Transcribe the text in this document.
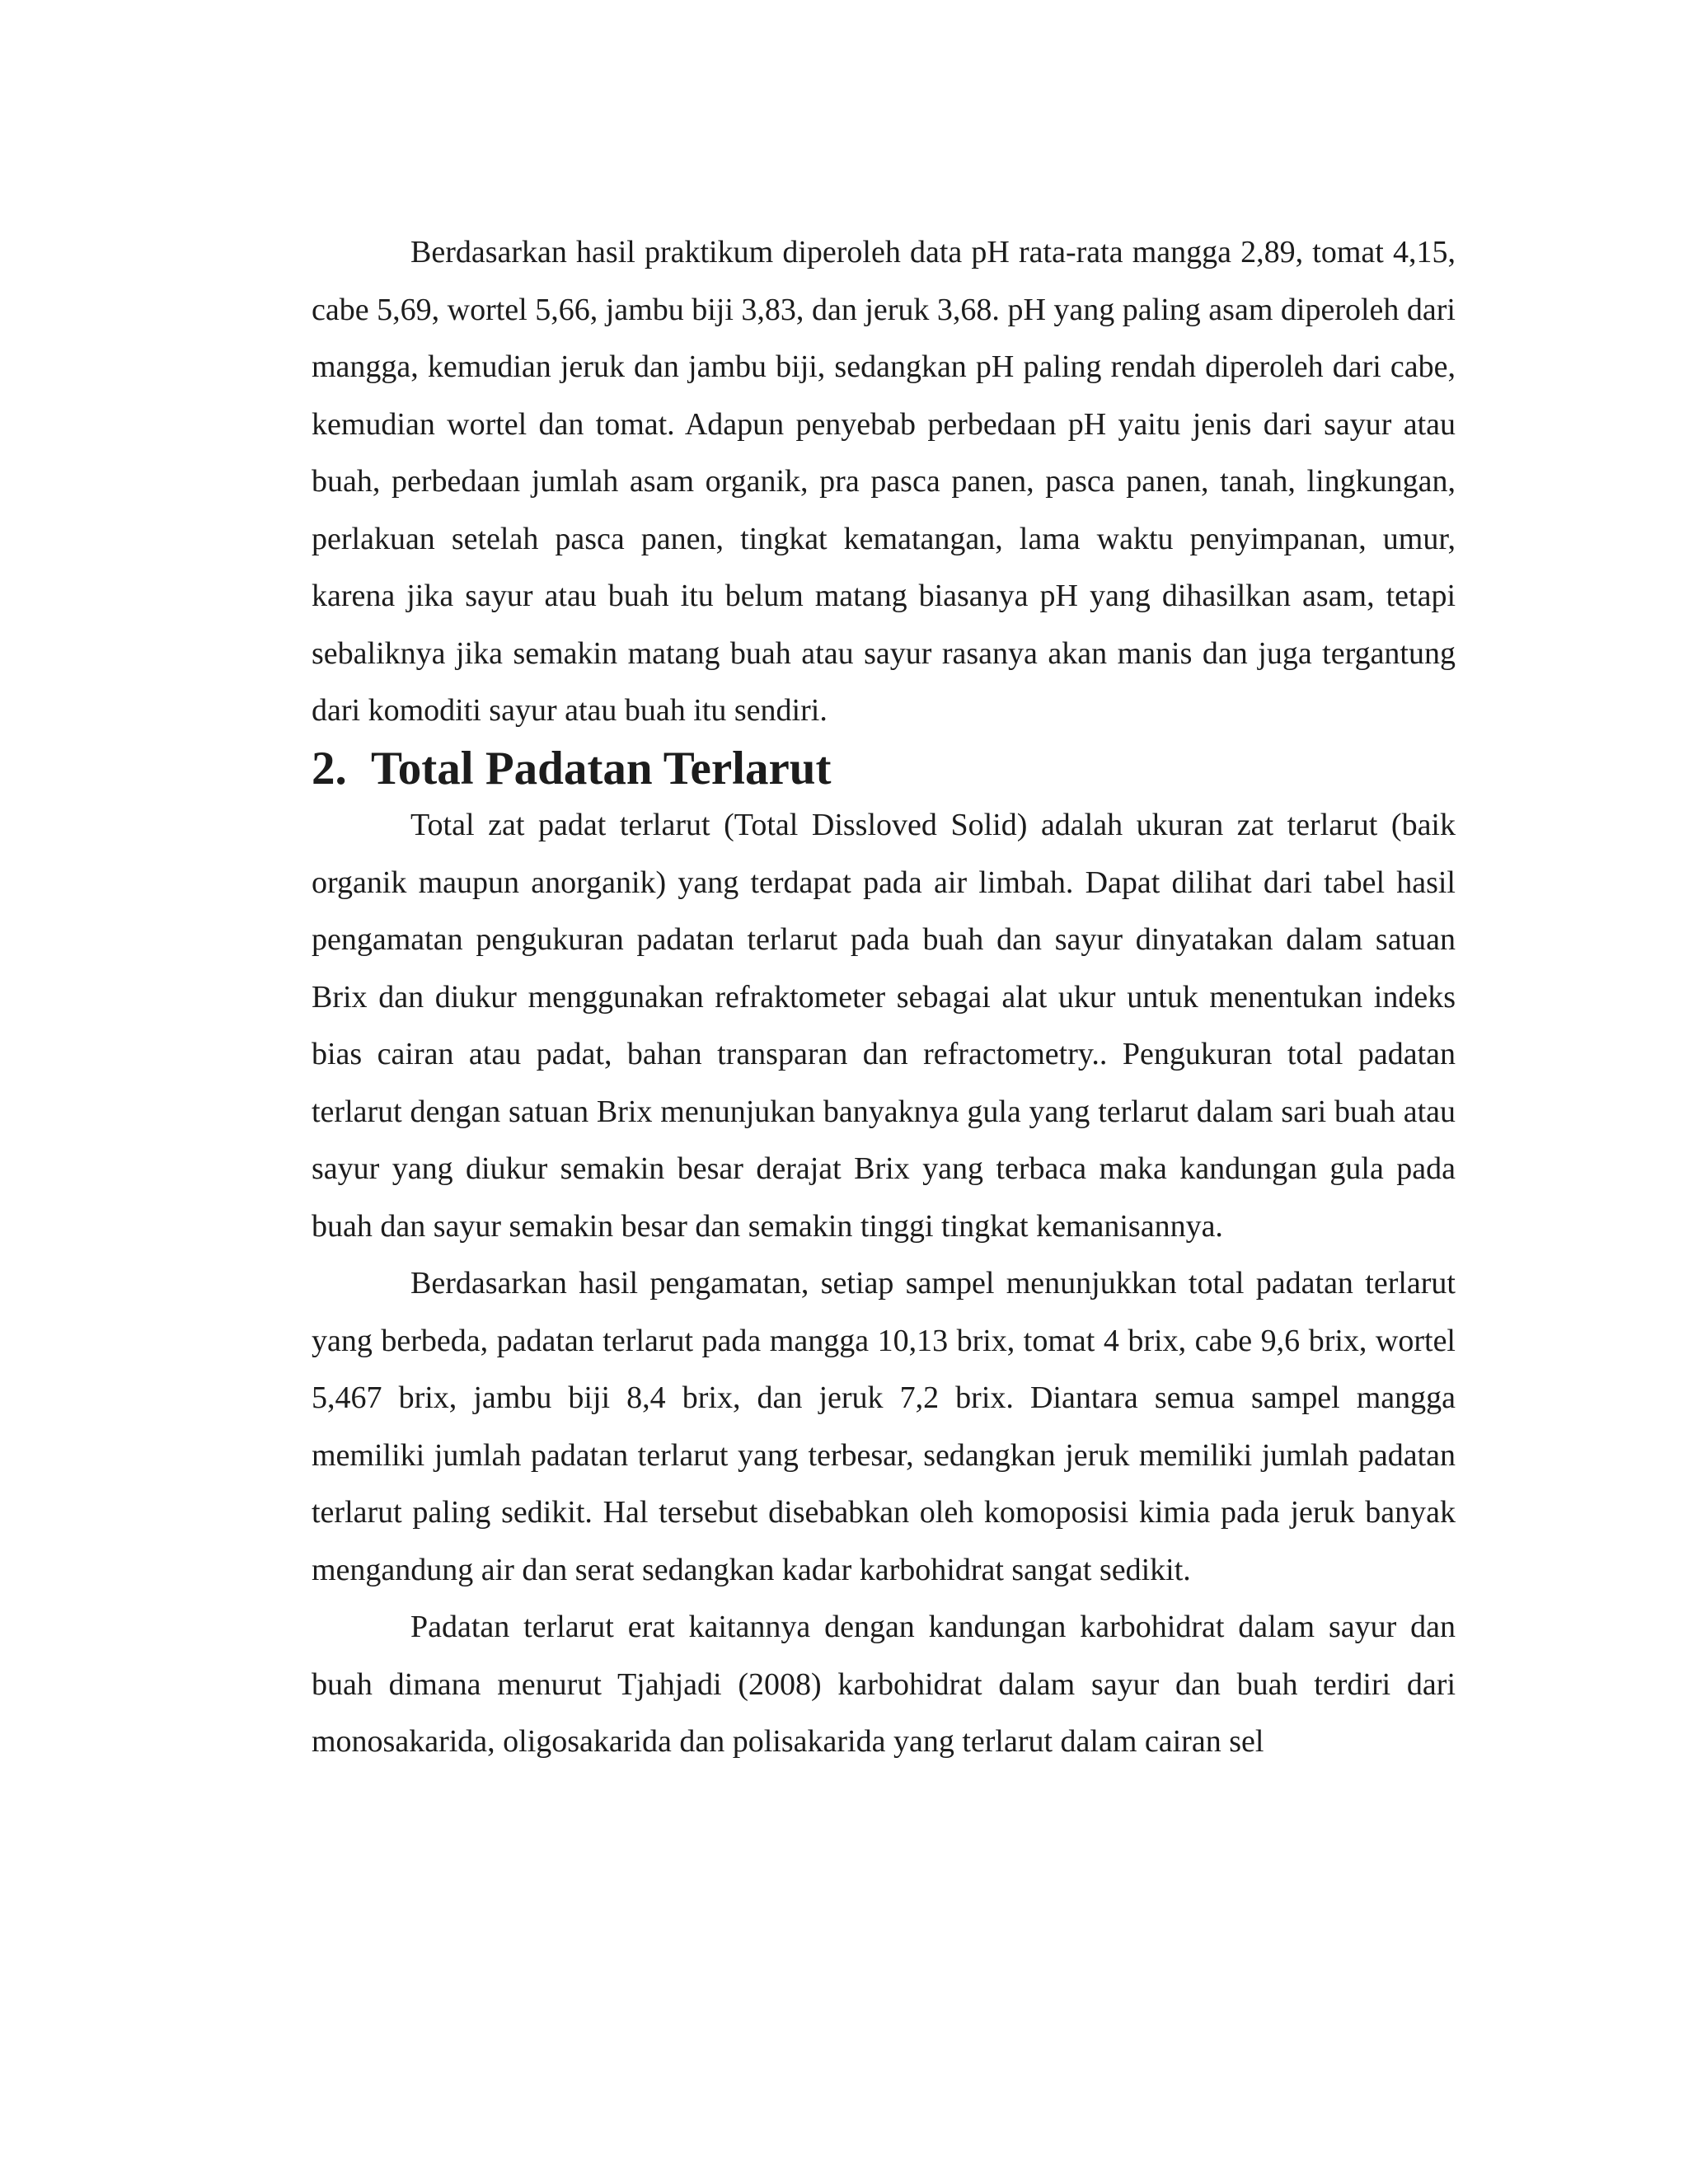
Berdasarkan hasil praktikum diperoleh data pH rata-rata mangga 2,89, tomat 4,15, cabe 5,69, wortel 5,66, jambu biji 3,83, dan jeruk 3,68. pH yang paling asam diperoleh dari mangga, kemudian jeruk dan jambu biji, sedangkan pH paling rendah diperoleh dari cabe, kemudian wortel dan tomat. Adapun penyebab perbedaan pH yaitu jenis dari sayur atau buah, perbedaan jumlah asam organik, pra pasca panen, pasca panen, tanah, lingkungan, perlakuan setelah pasca panen, tingkat kematangan, lama waktu penyimpanan, umur, karena jika sayur atau buah itu belum matang biasanya pH yang dihasilkan asam, tetapi sebaliknya jika semakin matang buah atau sayur rasanya akan manis dan juga tergantung dari komoditi sayur atau buah itu sendiri.

2. Total Padatan Terlarut

Total zat padat terlarut (Total Dissloved Solid) adalah ukuran zat terlarut (baik organik maupun anorganik) yang terdapat pada air limbah. Dapat dilihat dari tabel hasil pengamatan pengukuran padatan terlarut pada buah dan sayur dinyatakan dalam satuan Brix dan diukur menggunakan refraktometer sebagai alat ukur untuk menentukan indeks bias cairan atau padat, bahan transparan dan refractometry.. Pengukuran total padatan terlarut dengan satuan Brix menunjukan banyaknya gula yang terlarut dalam sari buah atau sayur yang diukur semakin besar derajat Brix yang terbaca maka kandungan gula pada buah dan sayur semakin besar dan semakin tinggi tingkat kemanisannya.

Berdasarkan hasil pengamatan, setiap sampel menunjukkan total padatan terlarut yang berbeda, padatan terlarut pada mangga 10,13 brix, tomat 4 brix, cabe 9,6 brix, wortel 5,467 brix, jambu biji 8,4 brix, dan jeruk 7,2 brix. Diantara semua sampel mangga memiliki jumlah padatan terlarut yang terbesar, sedangkan jeruk memiliki jumlah padatan terlarut paling sedikit. Hal tersebut disebabkan oleh komoposisi kimia pada jeruk banyak mengandung air dan serat sedangkan kadar karbohidrat sangat sedikit.

Padatan terlarut erat kaitannya dengan kandungan karbohidrat dalam sayur dan buah dimana menurut Tjahjadi (2008) karbohidrat dalam sayur dan buah terdiri dari monosakarida, oligosakarida dan polisakarida yang terlarut dalam cairan sel
